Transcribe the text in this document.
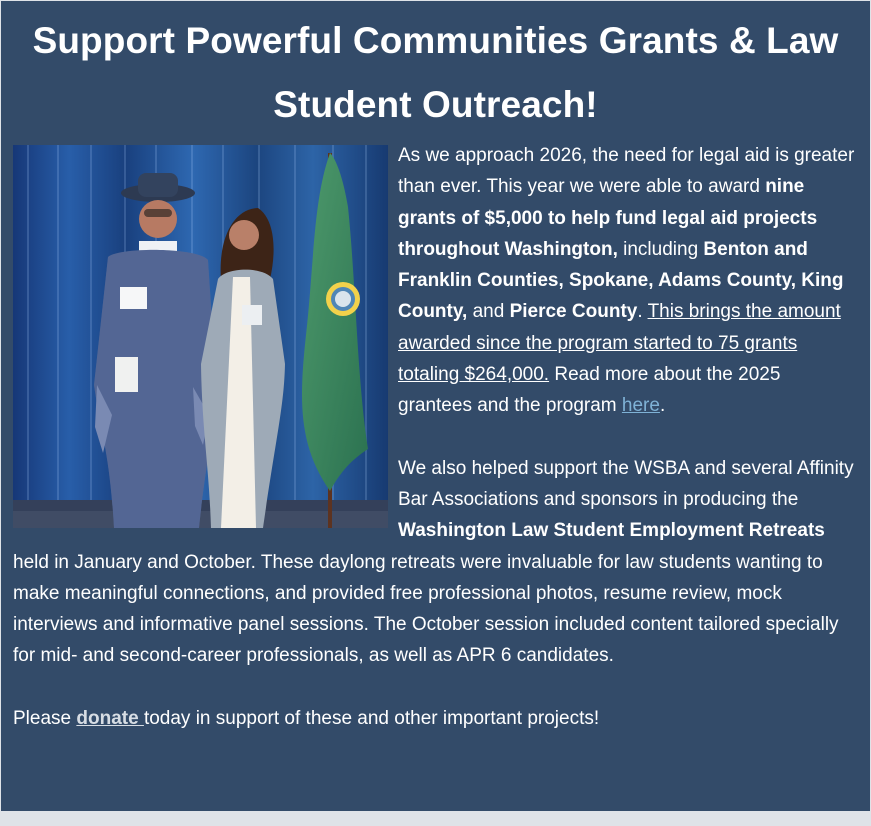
Support Powerful Communities Grants & Law Student Outreach!

As we approach 2026, the need for legal aid is greater than ever. This year we were able to award nine grants of $5,000 to help fund legal aid projects throughout Washington, including Benton and Franklin Counties, Spokane, Adams County, King County, and Pierce County. This brings the amount awarded since the program started to 75 grants totaling $264,000. Read more about the 2025 grantees and the program here.

We also helped support the WSBA and several Affinity Bar Associations and sponsors in producing the Washington Law Student Employment Retreats held in January and October. These daylong retreats were invaluable for law students wanting to make meaningful connections, and provided free professional photos, resume review, mock interviews and informative panel sessions. The October session included content tailored specially for mid- and second-career professionals, as well as APR 6 candidates.

Please donate today in support of these and other important projects!
